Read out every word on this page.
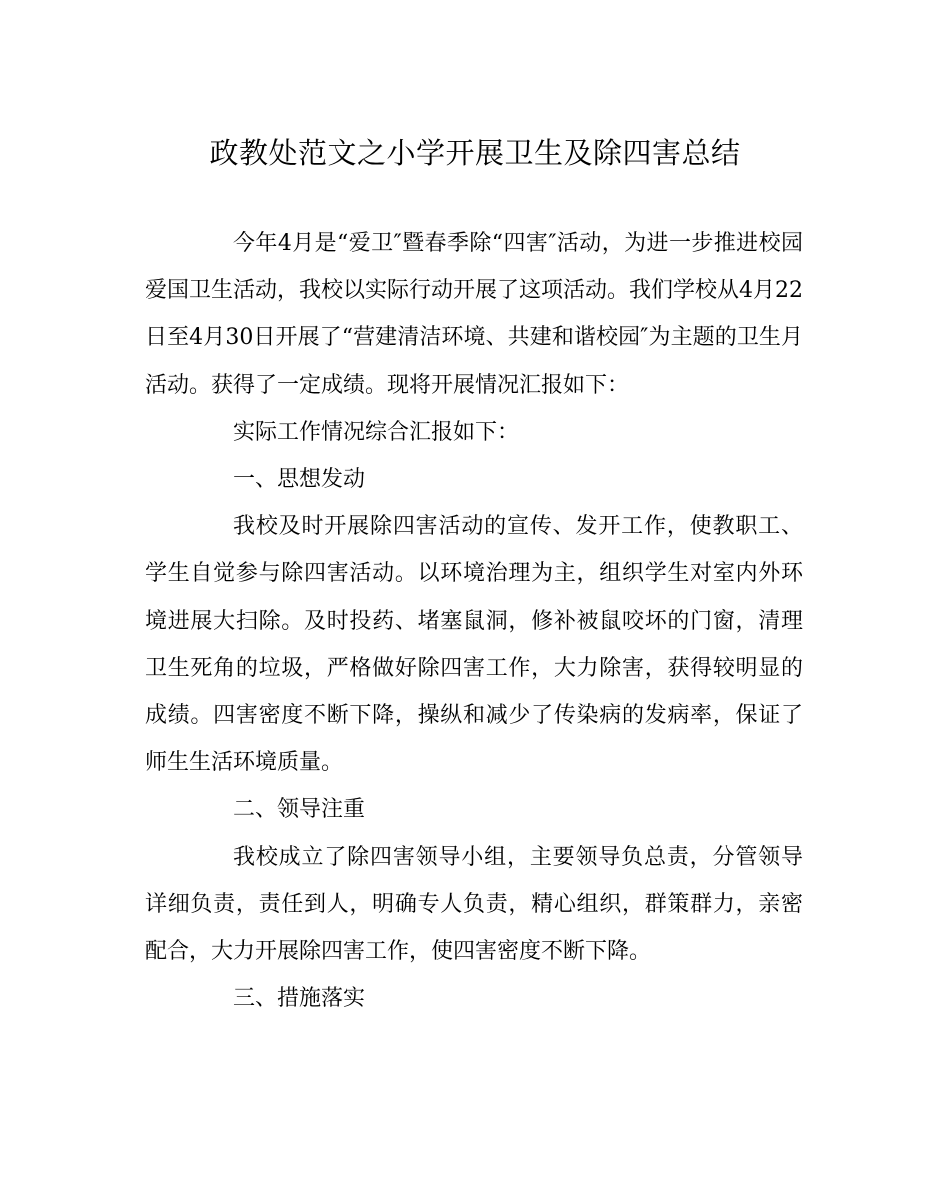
政教处范文之小学开展卫生及除四害总结

今年4月是“爱卫″暨春季除“四害″活动，为进一步推进校园爱国卫生活动，我校以实际行动开展了这项活动。我们学校从4月22日至4月30日开展了“营建清洁环境、共建和谐校园″为主题的卫生月活动。获得了一定成绩。现将开展情况汇报如下：

实际工作情况综合汇报如下：

一、思想发动

我校及时开展除四害活动的宣传、发开工作，使教职工、学生自觉参与除四害活动。以环境治理为主，组织学生对室内外环境进展大扫除。及时投药、堵塞鼠洞，修补被鼠咬坏的门窗，清理卫生死角的垃圾，严格做好除四害工作，大力除害，获得较明显的成绩。四害密度不断下降，操纵和减少了传染病的发病率，保证了师生生活环境质量。

二、领导注重

我校成立了除四害领导小组，主要领导负总责，分管领导详细负责，责任到人，明确专人负责，精心组织，群策群力，亲密配合，大力开展除四害工作，使四害密度不断下降。

三、措施落实
